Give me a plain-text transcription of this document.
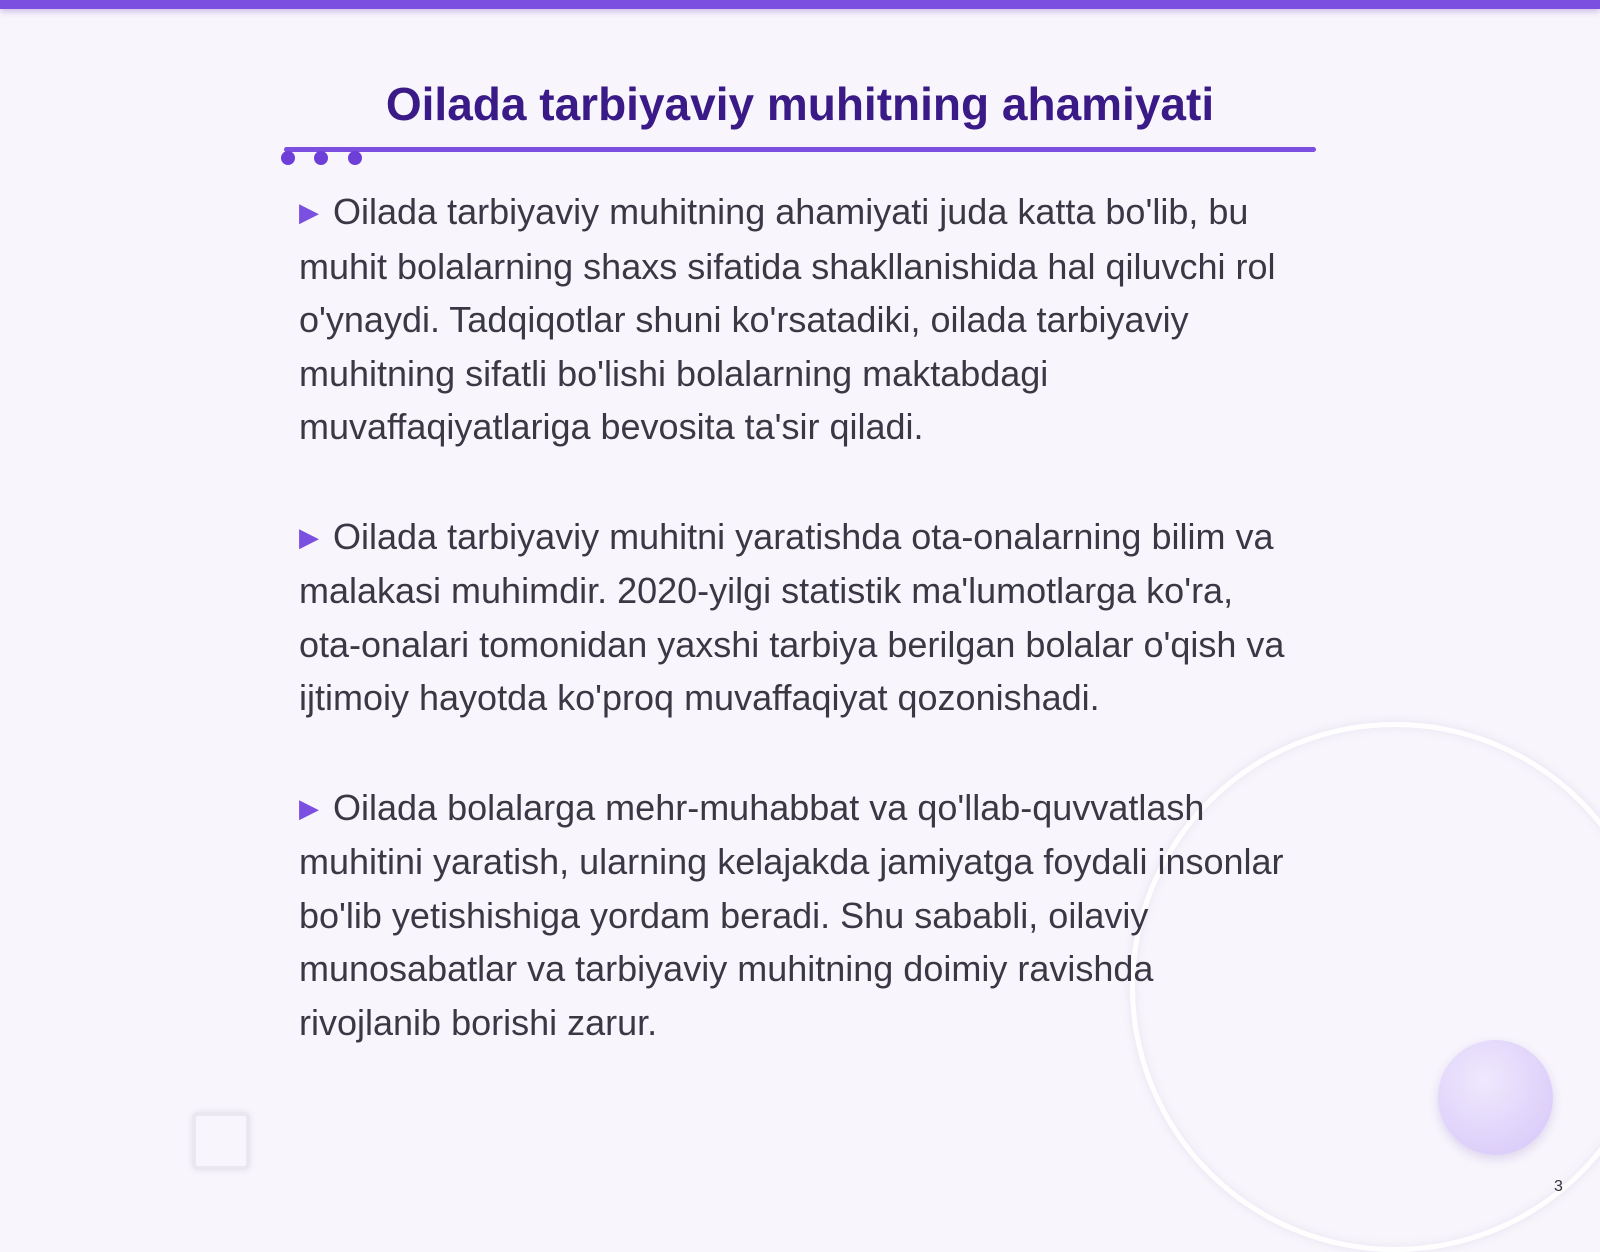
Oilada tarbiyaviy muhitning ahamiyati

▶ Oilada tarbiyaviy muhitning ahamiyati juda katta bo'lib, bu muhit bolalarning shaxs sifatida shakllanishida hal qiluvchi rol o'ynaydi. Tadqiqotlar shuni ko'rsatadiki, oilada tarbiyaviy muhitning sifatli bo'lishi bolalarning maktabdagi muvaffaqiyatlariga bevosita ta'sir qiladi.

▶ Oilada tarbiyaviy muhitni yaratishda ota-onalarning bilim va malakasi muhimdir. 2020-yilgi statistik ma'lumotlarga ko'ra, ota-onalari tomonidan yaxshi tarbiya berilgan bolalar o'qish va ijtimoiy hayotda ko'proq muvaffaqiyat qozonishadi.

▶ Oilada bolalarga mehr-muhabbat va qo'llab-quvvatlash muhitini yaratish, ularning kelajakda jamiyatga foydali insonlar bo'lib yetishishiga yordam beradi. Shu sababli, oilaviy munosabatlar va tarbiyaviy muhitning doimiy ravishda rivojlanib borishi zarur.

3
